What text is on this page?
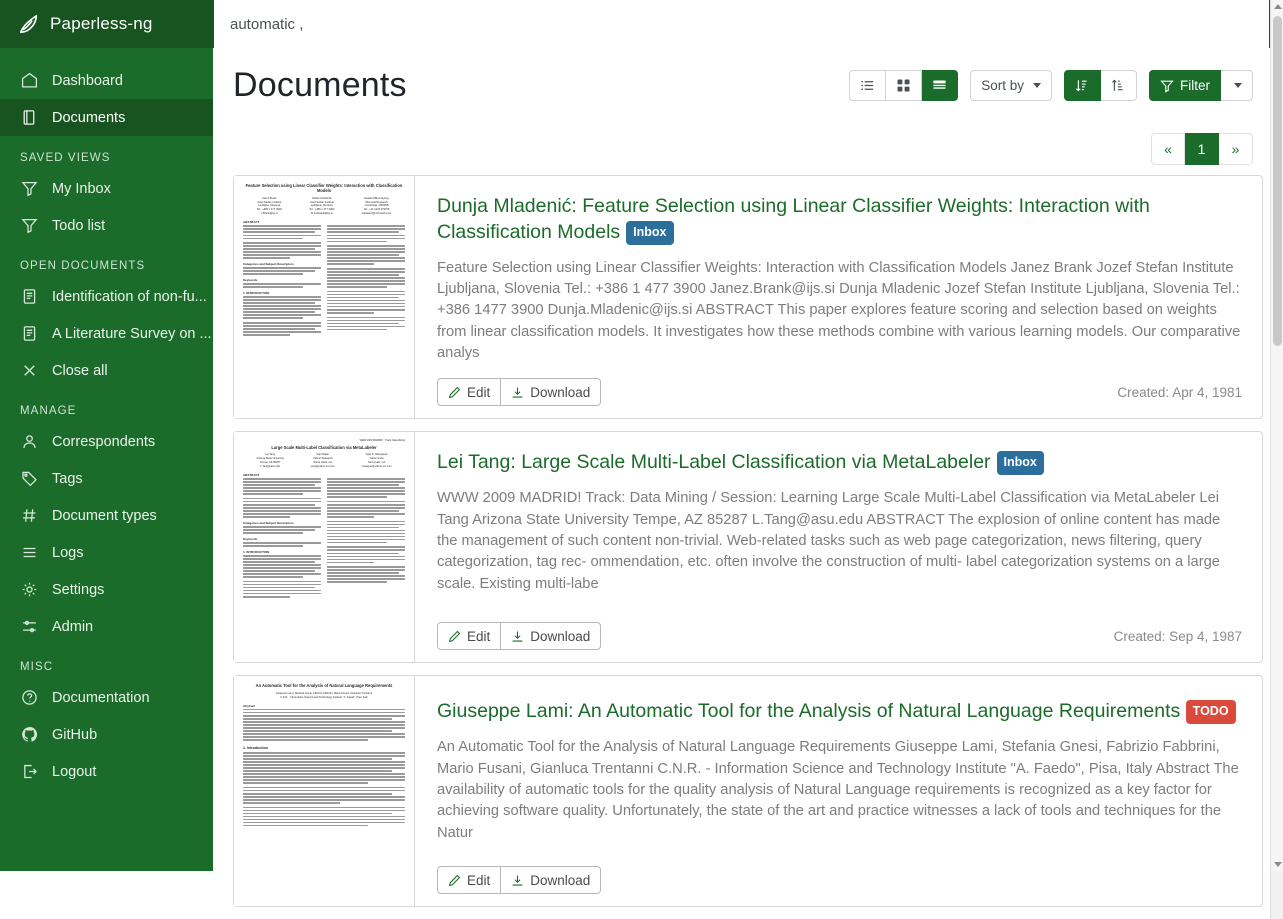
Paperless-ng
automatic ,
Dashboard
Documents
SAVED VIEWS
My Inbox
Todo list
OPEN DOCUMENTS
Identification of non-fu...
A Literature Survey on ...
Close all
MANAGE
Correspondents
Tags
Document types
Logs
Settings
Admin
MISC
Documentation
GitHub
Logout
Documents	Sort by	Filter
«	1	»
Feature Selection using Linear Classifier Weights: Interaction with Classification Models
Janez Brank
Jozef Stefan Institute
Ljubljana, Slovenia
Tel.: +386 1 477 3900
J.Brank@ijs.si
Marko Grobelnik
Jozef Stefan Institute
Ljubljana, Slovenia
Tel.: +386 1 477 3900
M.Grobelnik@ijs.si
Nataša Milić-Frayling
Microsoft Research
Cambridge, CB30FB
Tel.: +44 1223 479700
natasamf@microsoft.com
ABSTRACT
Categories and Subject Descriptors
Keywords
1. INTRODUCTION
Dunja Mladenić: Feature Selection using Linear Classifier Weights: Interaction with Classification Models Inbox
Feature Selection using Linear Classifier Weights: Interaction with Classification Models Janez Brank Jozef Stefan Institute Ljubljana, Slovenia Tel.: +386 1 477 3900 Janez.Brank@ijs.si Dunja Mladenic Jozef Stefan Institute Ljubljana, Slovenia Tel.: +386 1477 3900 Dunja.Mladenic@ijs.si ABSTRACT This paper explores feature scoring and selection based on weights from linear classification models. It investigates how these methods combine with various learning models. Our comparative analys
Edit	Download	Created: Apr 4, 1981
WWW 2009 MADRID!   Track: Data Mining
Large Scale Multi-Label Classification via MetaLabeler
Lei Tang
Arizona State University
Tempe, AZ 85287
L.Tang@asu.edu
Suju Rajan
Yahoo! Research
Santa Clara, CA
suju@yahoo-inc.com
Vijay K. Narayanan
Yahoo! Labs
Sunnyvale, CA
vnarayan@yahoo-inc.com
ABSTRACT
Categories and Subject Descriptors
Keywords
1. INTRODUCTION
Lei Tang: Large Scale Multi-Label Classification via MetaLabeler Inbox
WWW 2009 MADRID! Track: Data Mining / Session: Learning Large Scale Multi-Label Classification via MetaLabeler Lei Tang Arizona State University Tempe, AZ 85287 L.Tang@asu.edu ABSTRACT The explosion of online content has made the management of such content non-trivial. Web-related tasks such as web page categorization, news filtering, query categorization, tag rec- ommendation, etc. often involve the construction of multi- label categorization systems on a large scale. Existing multi-labe
Edit	Download	Created: Sep 4, 1987
An Automatic Tool for the Analysis of Natural Language Requirements
Giuseppe Lami, Stefania Gnesi, Fabrizio Fabbrini, Mario Fusani, Gianluca Trentanni
C.N.R. - Information Science and Technology Institute "A. Faedo", Pisa, Italy
Abstract
1. Introduction
Giuseppe Lami: An Automatic Tool for the Analysis of Natural Language Requirements TODO
An Automatic Tool for the Analysis of Natural Language Requirements Giuseppe Lami, Stefania Gnesi, Fabrizio Fabbrini, Mario Fusani, Gianluca Trentanni C.N.R. - Information Science and Technology Institute "A. Faedo", Pisa, Italy Abstract The availability of automatic tools for the quality analysis of Natural Language requirements is recognized as a key factor for achieving software quality. Unfortunately, the state of the art and practice witnesses a lack of tools and techniques for the Natur
Edit	Download
